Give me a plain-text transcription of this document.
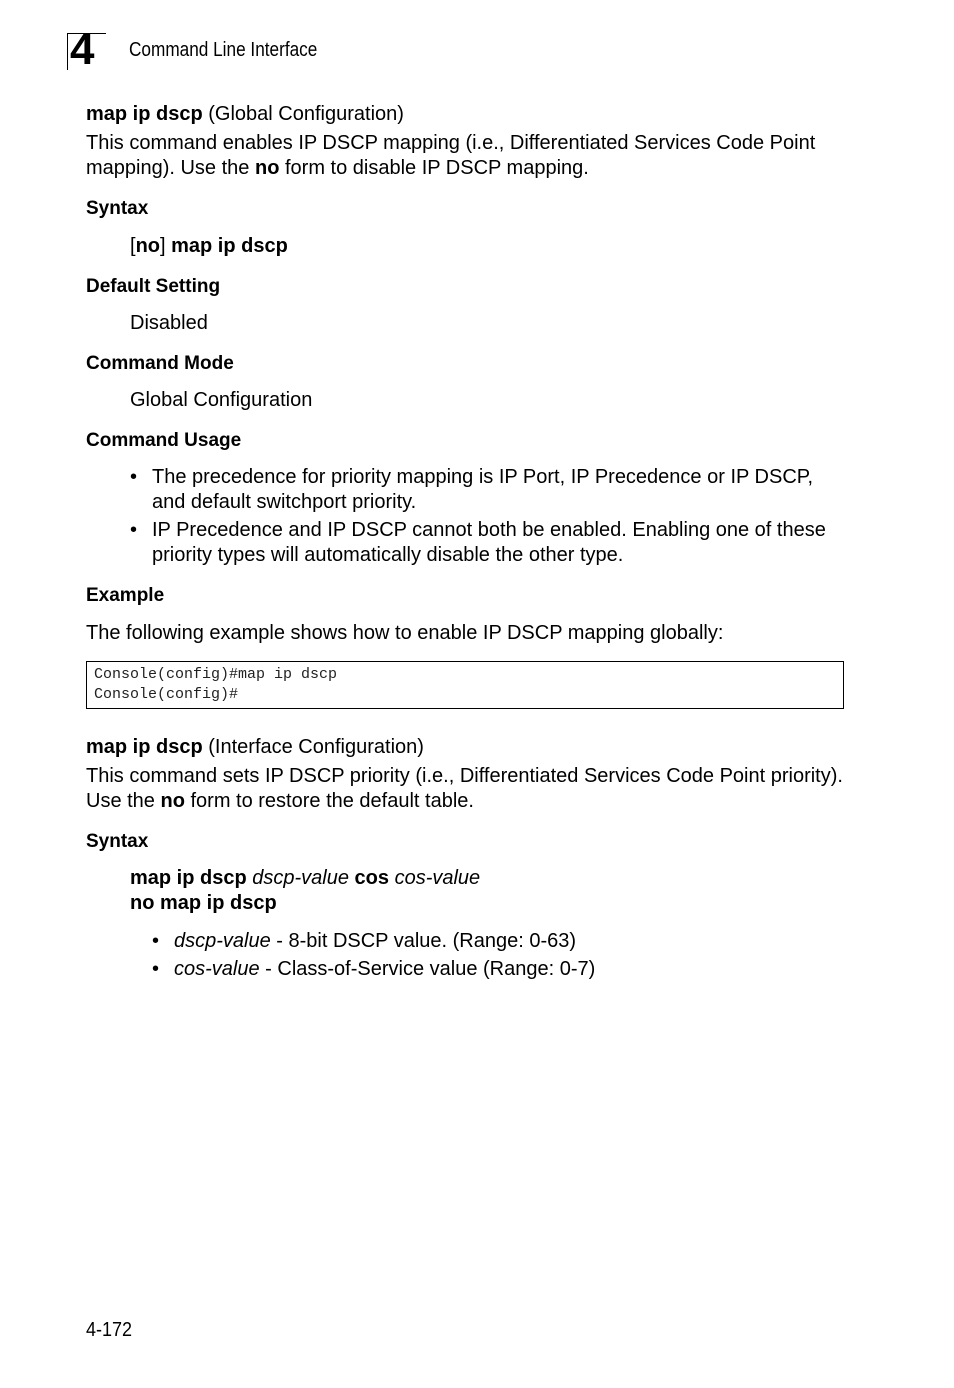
4 Command Line Interface
map ip dscp (Global Configuration)
This command enables IP DSCP mapping (i.e., Differentiated Services Code Point mapping). Use the no form to disable IP DSCP mapping.
Syntax
[no] map ip dscp
Default Setting
Disabled
Command Mode
Global Configuration
Command Usage
• The precedence for priority mapping is IP Port, IP Precedence or IP DSCP, and default switchport priority.
• IP Precedence and IP DSCP cannot both be enabled. Enabling one of these priority types will automatically disable the other type.
Example
The following example shows how to enable IP DSCP mapping globally:
Console(config)#map ip dscp
Console(config)#
map ip dscp (Interface Configuration)
This command sets IP DSCP priority (i.e., Differentiated Services Code Point priority). Use the no form to restore the default table.
Syntax
map ip dscp dscp-value cos cos-value
no map ip dscp
• dscp-value - 8-bit DSCP value. (Range: 0-63)
• cos-value - Class-of-Service value (Range: 0-7)
4-172
